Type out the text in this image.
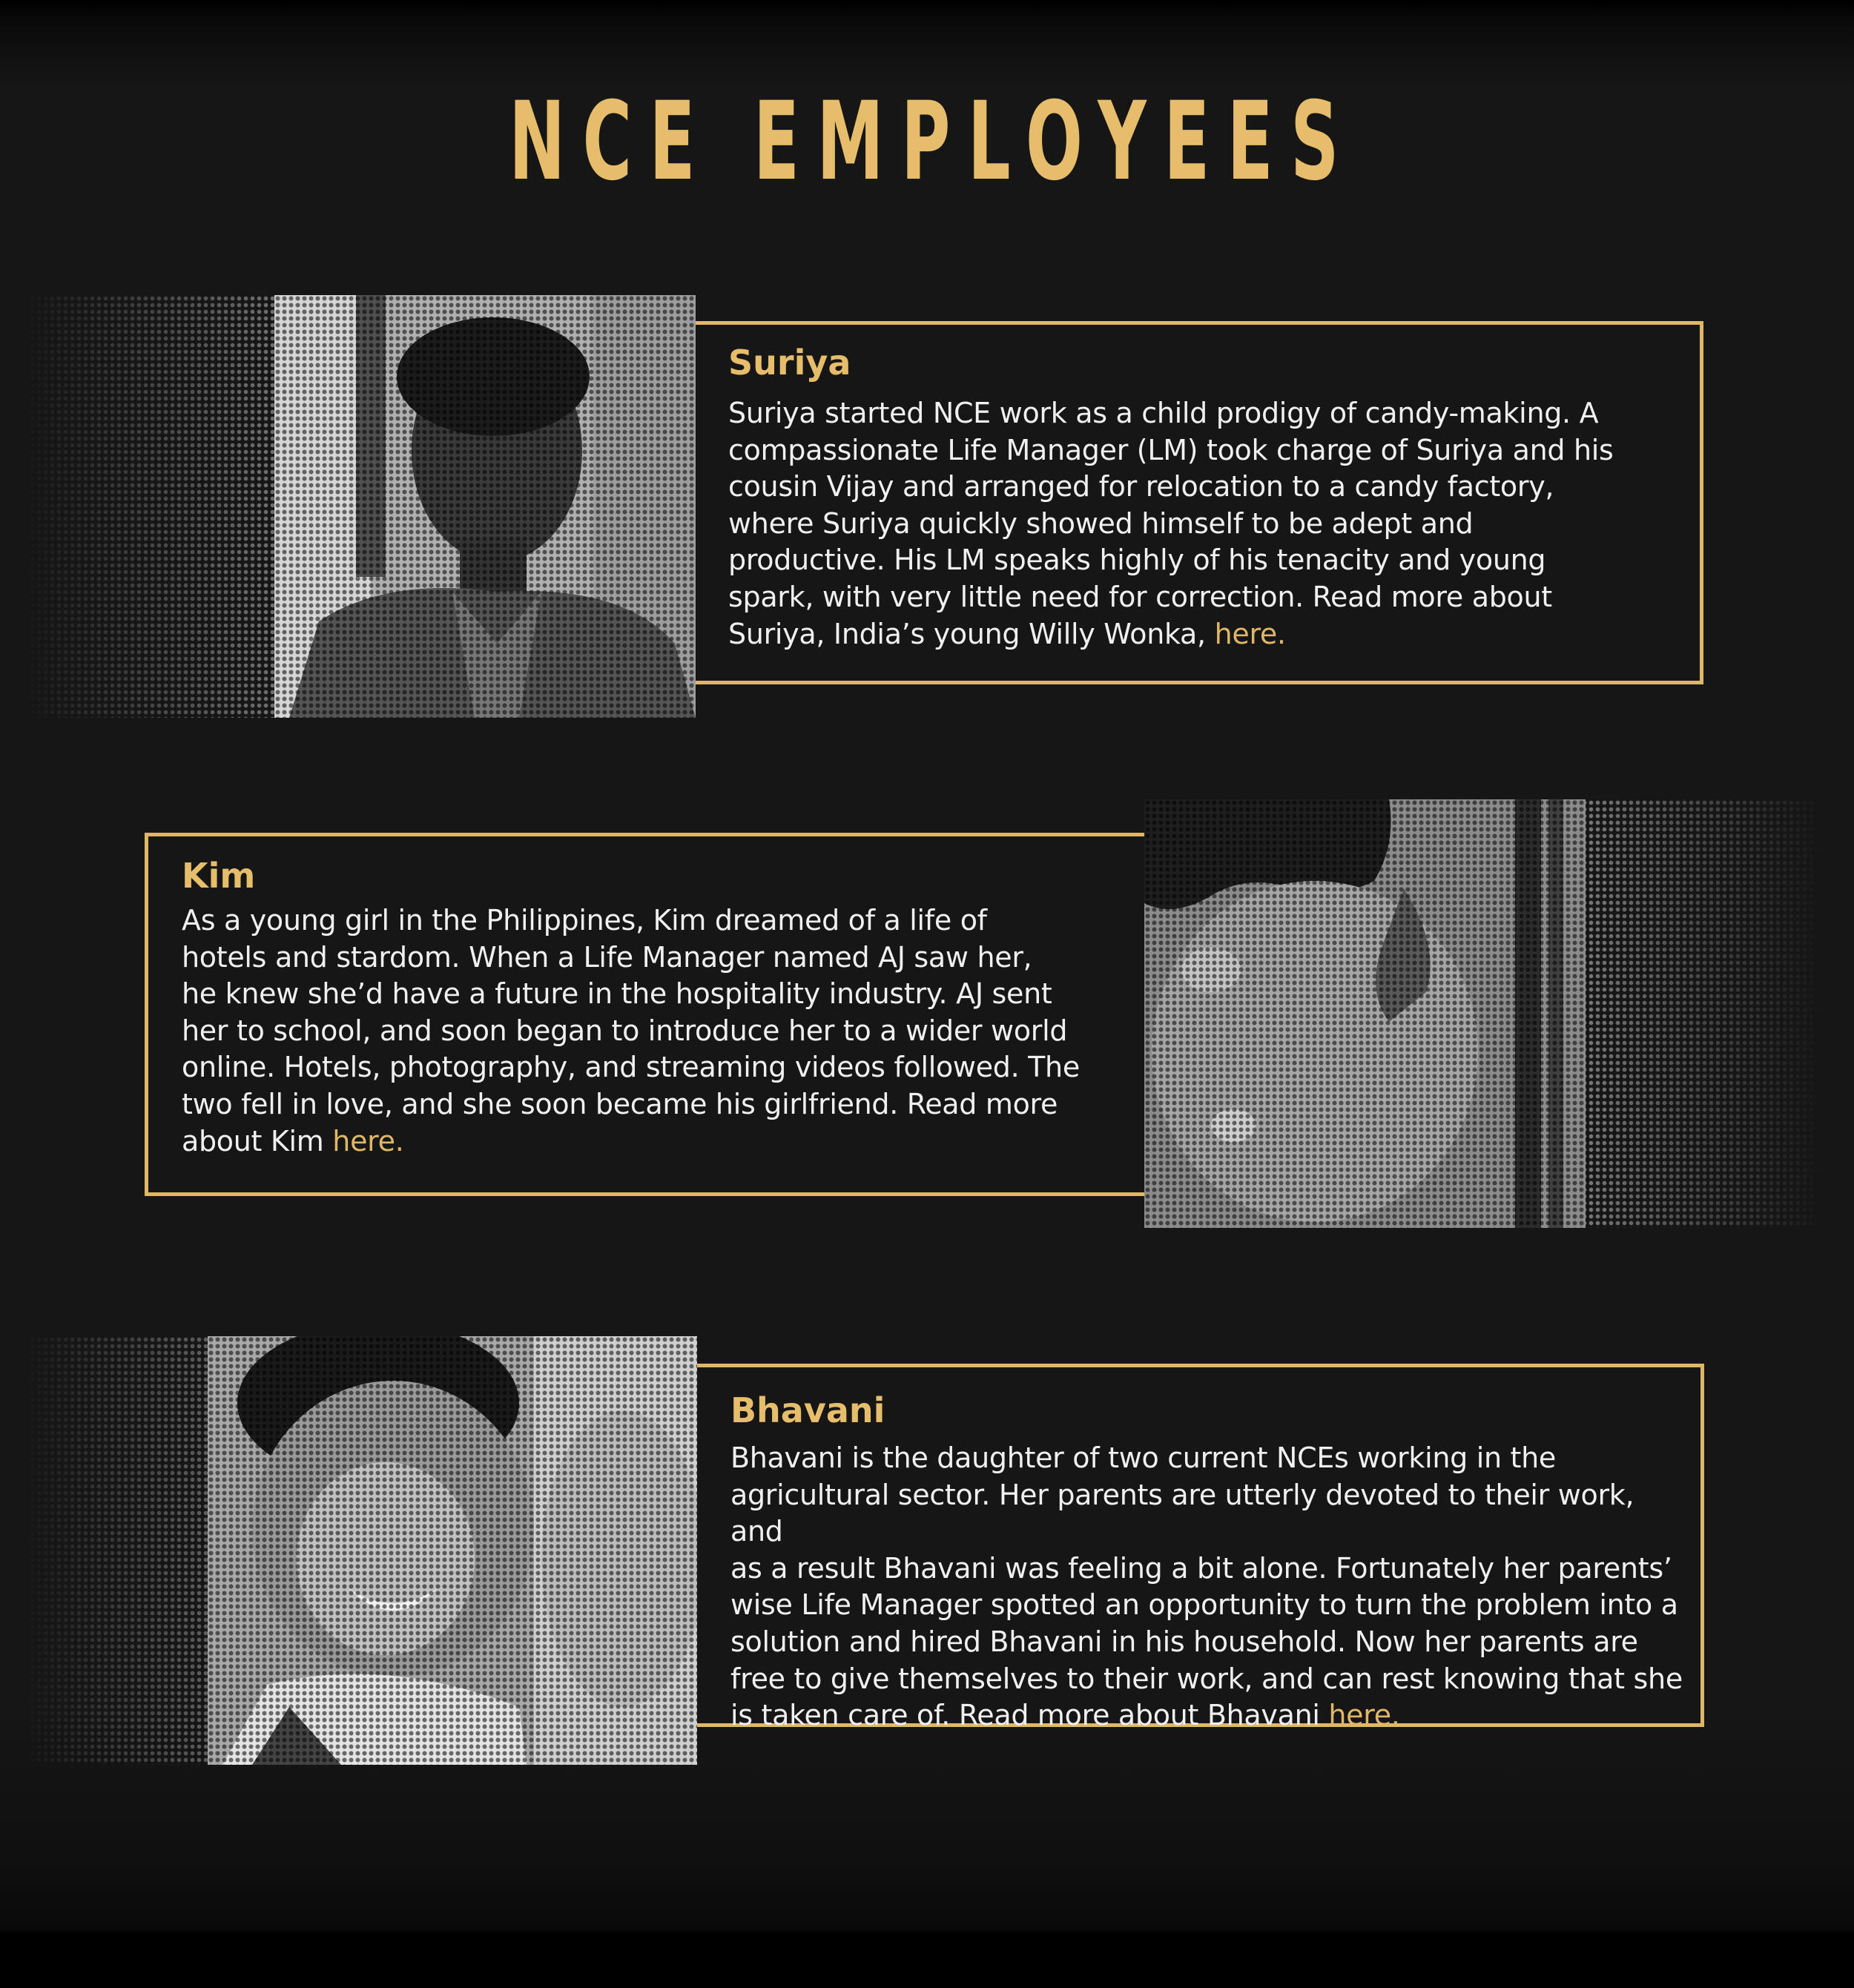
NCE EMPLOYEES
Suriya

Suriya started NCE work as a child prodigy of candy-making. A
compassionate Life Manager (LM) took charge of Suriya and his
cousin Vijay and arranged for relocation to a candy factory,
where Suriya quickly showed himself to be adept and
productive. His LM speaks highly of his tenacity and young
spark, with very little need for correction. Read more about
Suriya, India’s young Willy Wonka, here.

Kim

As a young girl in the Philippines, Kim dreamed of a life of
hotels and stardom. When a Life Manager named AJ saw her,
he knew she’d have a future in the hospitality industry. AJ sent
her to school, and soon began to introduce her to a wider world
online. Hotels, photography, and streaming videos followed. The
two fell in love, and she soon became his girlfriend. Read more
about Kim here.

Bhavani

Bhavani is the daughter of two current NCEs working in the
agricultural sector. Her parents are utterly devoted to their work, and
as a result Bhavani was feeling a bit alone. Fortunately her parents’
wise Life Manager spotted an opportunity to turn the problem into a
solution and hired Bhavani in his household. Now her parents are
free to give themselves to their work, and can rest knowing that she
is taken care of. Read more about Bhavani here.
